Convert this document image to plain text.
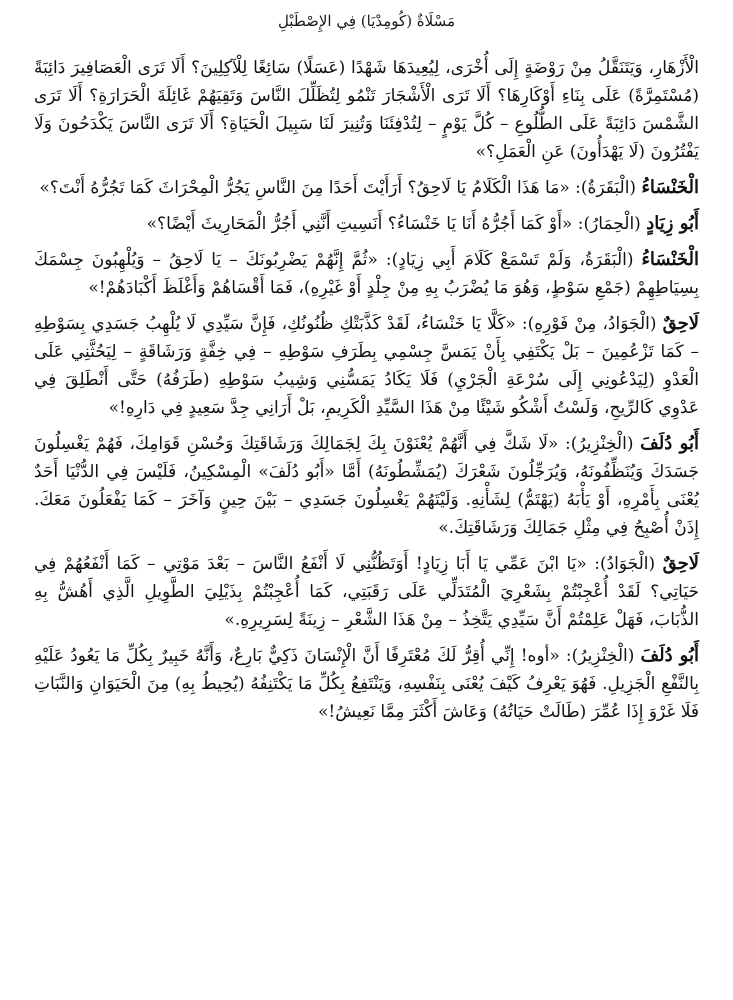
مَسْلَاةٌ (كُومِدْيَا) فِي الإِصْطَبْلِ

الْأَزْهَارِ، وَيَتَنَقَّلُ مِنْ رَوْضَةٍ إِلَى أُخْرَى، لِيُعِيدَهَا شَهْدًا (عَسَلًا) سَائِغًا لِلْآكِلِينَ؟ أَلَا تَرَى الْعَصَافِيرَ دَائِبَةً (مُسْتَمِرَّةً) عَلَى بِنَاءِ أَوْكَارِهَا؟ أَلَا تَرَى الْأَشْجَارَ تَنْمُو لِتُظَلِّلَ النَّاسَ وَتَقِيَهُمْ غَائِلَةَ الْحَرَارَةِ؟ أَلَا تَرَى الشَّمْسَ دَائِبَةً عَلَى الطُّلُوعِ – كُلَّ يَوْمٍ – لِتُدْفِئَنَا وَتُنِيرَ لَنَا سَبِيلَ الْحَيَاةِ؟ أَلَا تَرَى النَّاسَ يَكْدَحُونَ وَلَا يَفْتُرُونَ (لَا يَهْدَأُونَ) عَنِ الْعَمَلِ؟»

الْخَنْسَاءُ (الْبَقَرَةُ): «مَا هَذَا الْكَلَامُ يَا لَاحِقُ؟ أَرَأَيْتَ أَحَدًا مِنَ النَّاسِ يَجُرُّ الْمِحْرَاثَ كَمَا تَجُرُّهُ أَنْتَ؟»

أَبُو زِيَادٍ (الْحِمَارُ): «أَوْ كَمَا أَجُرُّهُ أَنَا يَا خَنْسَاءُ؟ أَنَسِيتِ أَنَّنِي أَجُرُّ الْمَحَارِيثَ أَيْضًا؟»

الْخَنْسَاءُ (الْبَقَرَةُ، وَلَمْ تَسْمَعْ كَلَامَ أَبِي زِيَادٍ): «ثُمَّ إِنَّهُمْ يَضْرِبُونَكَ – يَا لَاحِقُ – وَيُلْهِبُونَ جِسْمَكَ بِسِيَاطِهِمْ (جَمْعِ سَوْطٍ، وَهُوَ مَا يُضْرَبُ بِهِ مِنْ جِلْدٍ أَوْ غَيْرِهِ)، فَمَا أَقْسَاهُمْ وَأَغْلَظَ أَكْبَادَهُمْ!»

لَاحِقٌ (الْجَوَادُ، مِنْ فَوْرِهِ): «كَلَّا يَا خَنْسَاءُ، لَقَدْ كَذَّبَتْكِ ظُنُونُكِ، فَإِنَّ سَيِّدِي لَا يُلْهِبُ جَسَدِي بِسَوْطِهِ – كَمَا تَزْعُمِينَ – بَلْ يَكْتَفِي بِأَنْ يَمَسَّ جِسْمِي بِطَرَفِ سَوْطِهِ – فِي خِفَّةٍ وَرَشَاقَةٍ – لِيَحُثَّنِي عَلَى الْعَدْوِ (لِيَدْعُونِي إِلَى سُرْعَةِ الْجَرْيِ) فَلَا يَكَادُ يَمَسُّنِي وَشِيبُ سَوْطِهِ (طَرَفُهُ) حَتَّى أَنْطَلِقَ فِي عَدْوِي كَالرِّيحِ، وَلَسْتُ أَشْكُو شَيْئًا مِنْ هَذَا السَّيِّدِ الْكَرِيمِ، بَلْ أَرَانِي جِدَّ سَعِيدٍ فِي دَارِهِ!»

أَبُو دُلَفَ (الْخِنْزِيرُ): «لَا شَكَّ فِي أَنَّهُمْ يُعْنَوْنَ بِكَ لِجَمَالِكَ وَرَشَاقَتِكَ وَحُسْنِ قَوَامِكَ، فَهُمْ يَغْسِلُونَ جَسَدَكَ وَيُنَظِّفُونَهُ، وَيُرَجِّلُونَ شَعْرَكَ (يُمَشِّطُونَهُ) أَمَّا «أَبُو دُلَفَ» الْمِسْكِينُ، فَلَيْسَ فِي الدُّنْيَا أَحَدٌ يُعْنَى بِأَمْرِهِ، أَوْ يَأْبَهُ (يَهْتَمُّ) لِشَأْنِهِ. وَلَيْتَهُمْ يَغْسِلُونَ جَسَدِي – بَيْنَ حِينٍ وَآخَرَ – كَمَا يَفْعَلُونَ مَعَكَ. إِذَنْ أُصْبِحُ فِي مِثْلِ جَمَالِكَ وَرَشَاقَتِكَ.»

لَاحِقٌ (الْجَوَادُ): «يَا ابْنَ عَمِّي يَا أَبَا زِيَادٍ! أَوَتَظُنُّنِي لَا أَنْفَعُ النَّاسَ – بَعْدَ مَوْتِي – كَمَا أَنْفَعُهُمْ فِي حَيَاتِي؟ لَقَدْ أُعْجِبْتُمْ بِشَعْرِيَ الْمُتَدَلِّي عَلَى رَقَبَتِي، كَمَا أُعْجِبْتُمْ بِذَيْلِيَ الطَّوِيلِ الَّذِي أَهُشُّ بِهِ الذُّبَابَ، فَهَلْ عَلِمْتُمْ أَنَّ سَيِّدِي يَتَّخِذُ – مِنْ هَذَا الشَّعْرِ – زِينَةً لِسَرِيرِهِ.»

أَبُو دُلَفَ (الْخِنْزِيرُ): «أوه! إِنِّي أُقِرُّ لَكَ مُعْتَرِفًا أَنَّ الْإِنْسَانَ ذَكِيٌّ بَارِعٌ، وَأَنَّهُ خَبِيرٌ بِكُلِّ مَا يَعُودُ عَلَيْهِ بِالنَّفْعِ الْجَزِيلِ. فَهُوَ يَعْرِفُ كَيْفَ يُعْنَى بِنَفْسِهِ، وَيَنْتَفِعُ بِكُلِّ مَا يَكْتَنِفُهُ (يُحِيطُ بِهِ) مِنَ الْحَيَوَانِ وَالنَّبَاتِ فَلَا غَرْوَ إِذَا عُمِّرَ (طَالَتْ حَيَاتُهُ) وَعَاشَ أَكْثَرَ مِمَّا نَعِيشُ!»
